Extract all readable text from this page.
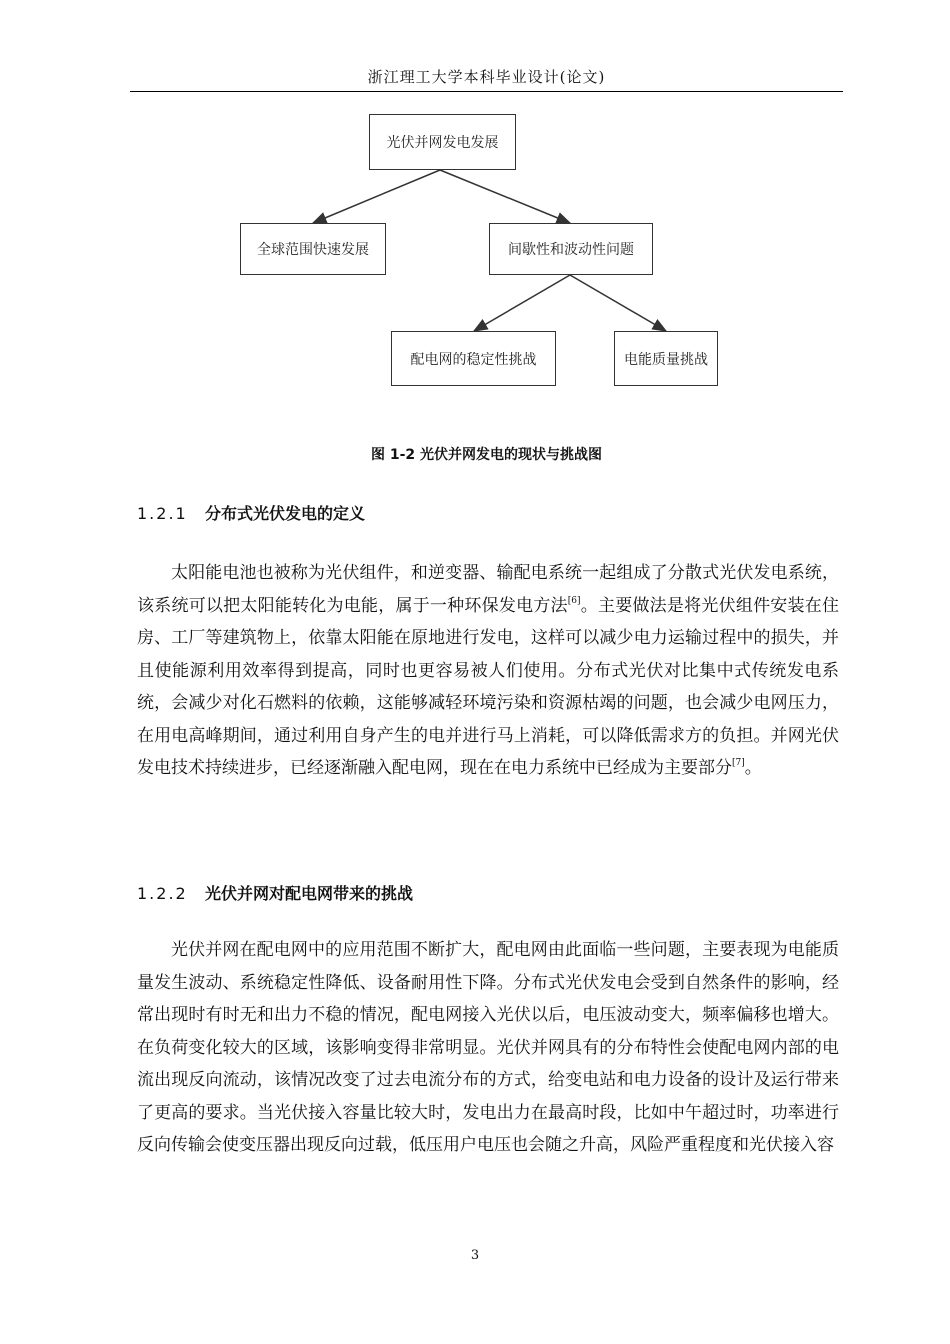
浙江理工大学本科毕业设计(论文)
光伏并网发电发展
全球范围快速发展	间歇性和波动性问题
配电网的稳定性挑战	电能质量挑战
图 1-2 光伏并网发电的现状与挑战图
1.2.1 分布式光伏发电的定义

太阳能电池也被称为光伏组件，和逆变器、输配电系统一起组成了分散式光伏发电系统，该系统可以把太阳能转化为电能，属于一种环保发电方法[6]。主要做法是将光伏组件安装在住房、工厂等建筑物上，依靠太阳能在原地进行发电，这样可以减少电力运输过程中的损失，并且使能源利用效率得到提高，同时也更容易被人们使用。分布式光伏对比集中式传统发电系统，会减少对化石燃料的依赖，这能够减轻环境污染和资源枯竭的问题，也会减少电网压力，在用电高峰期间，通过利用自身产生的电并进行马上消耗，可以降低需求方的负担。并网光伏发电技术持续进步，已经逐渐融入配电网，现在在电力系统中已经成为主要部分[7]。

1.2.2 光伏并网对配电网带来的挑战

光伏并网在配电网中的应用范围不断扩大，配电网由此面临一些问题，主要表现为电能质量发生波动、系统稳定性降低、设备耐用性下降。分布式光伏发电会受到自然条件的影响，经常出现时有时无和出力不稳的情况，配电网接入光伏以后，电压波动变大，频率偏移也增大。在负荷变化较大的区域，该影响变得非常明显。光伏并网具有的分布特性会使配电网内部的电流出现反向流动，该情况改变了过去电流分布的方式，给变电站和电力设备的设计及运行带来了更高的要求。当光伏接入容量比较大时，发电出力在最高时段，比如中午超过时，功率进行反向传输会使变压器出现反向过载，低压用户电压也会随之升高，风险严重程度和光伏接入容

3
